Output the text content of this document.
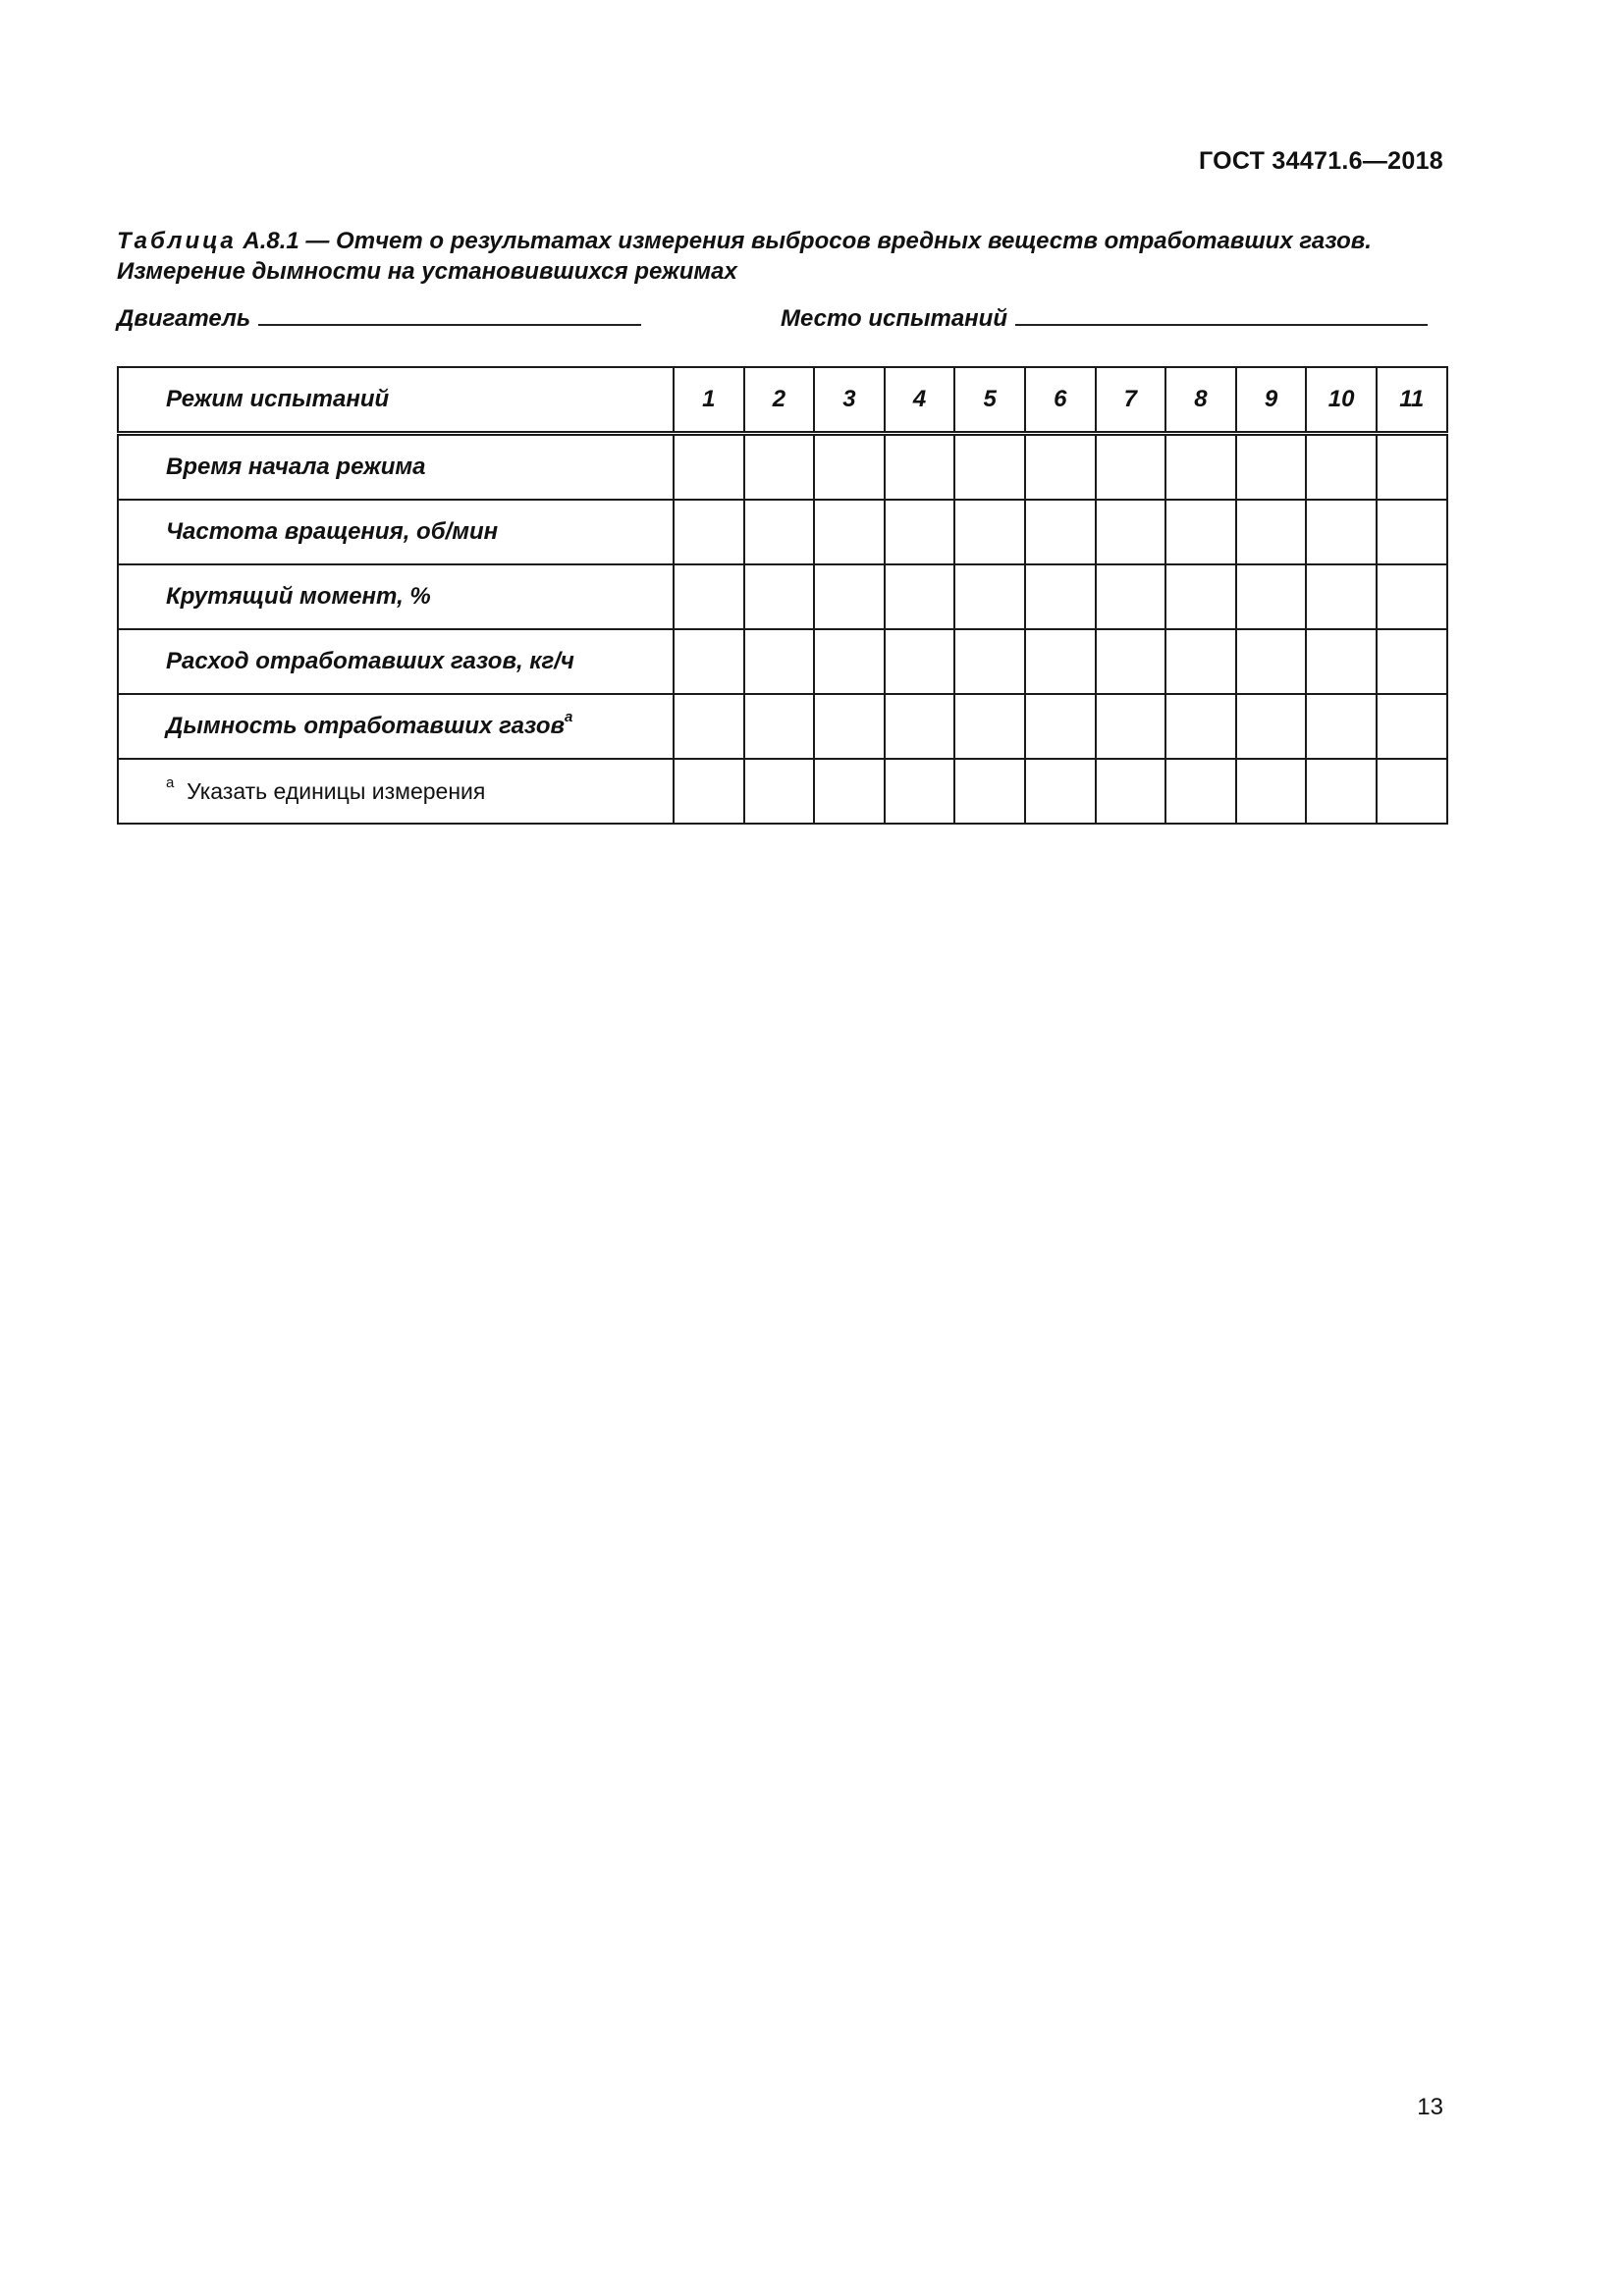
ГОСТ 34471.6—2018
Таблица А.8.1 — Отчет о результатах измерения выбросов вредных веществ отработавших газов.
Измерение дымности на установившихся режимах
Двигатель	Место испытаний
Режим испытаний	1	2	3	4	5	6	7	8	9	10	11
Время начала режима											
Частота вращения, об/мин											
Крутящий момент, %											
Расход отработавших газов, кг/ч											
Дымность отработавших газов$^a$											
$^a$ Указать единицы измерения											
13
